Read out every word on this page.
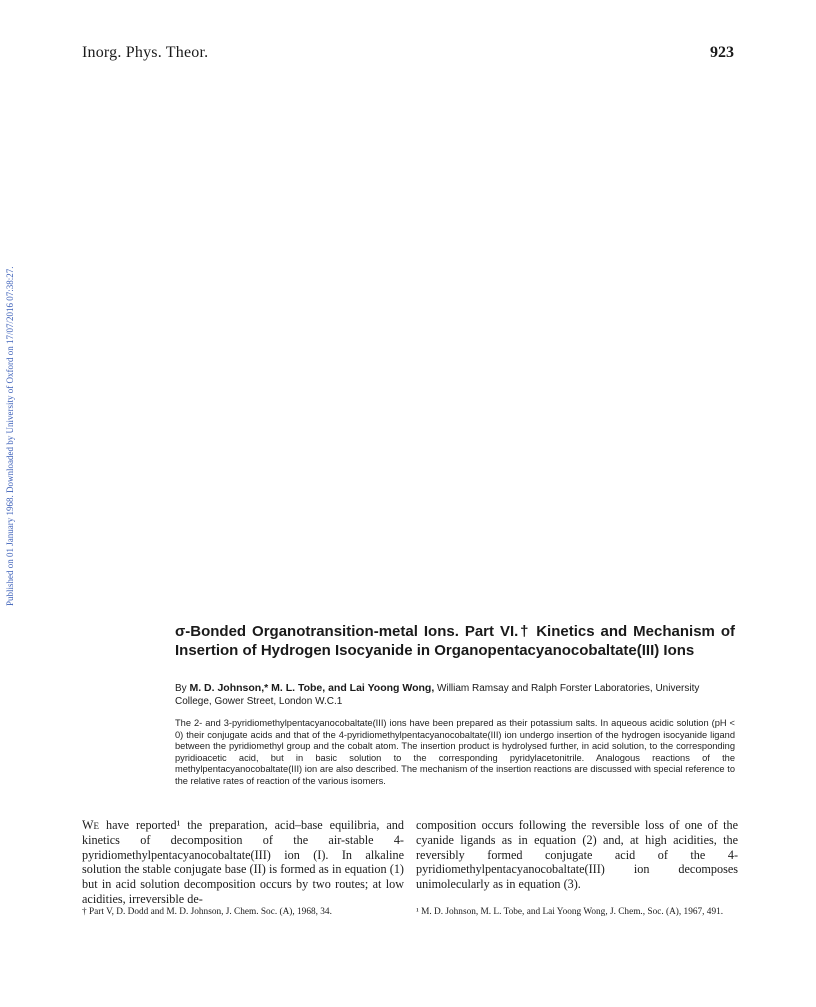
Inorg. Phys. Theor.	923
Published on 01 January 1968. Downloaded by University of Oxford on 17/07/2016 07:38:27.
σ-Bonded Organotransition-metal Ions. Part VI.† Kinetics and Mechanism of Insertion of Hydrogen Isocyanide in Organopentacyanocobaltate(III) Ions
By M. D. Johnson,* M. L. Tobe, and Lai Yoong Wong, William Ramsay and Ralph Forster Laboratories, University College, Gower Street, London W.C.1
The 2- and 3-pyridiomethylpentacyanocobaltate(III) ions have been prepared as their potassium salts. In aqueous acidic solution (pH < 0) their conjugate acids and that of the 4-pyridiomethylpentacyanocobaltate(III) ion undergo insertion of the hydrogen isocyanide ligand between the pyridiomethyl group and the cobalt atom. The insertion product is hydrolysed further, in acid solution, to the corresponding pyridioacetic acid, but in basic solution to the corresponding pyridylacetonitrile. Analogous reactions of the methylpentacyanocobaltate(III) ion are also described. The mechanism of the insertion reactions are discussed with special reference to the relative rates of reaction of the various isomers.
We have reported¹ the preparation, acid–base equilibria, and kinetics of decomposition of the air-stable 4-pyridiomethylpentacyanocobaltate(III) ion (I). In alkaline solution the stable conjugate base (II) is formed as in equation (1) but in acid solution decomposition occurs by two routes; at low acidities, irreversible de-
composition occurs following the reversible loss of one of the cyanide ligands as in equation (2) and, at high acidities, the reversibly formed conjugate acid of the 4-pyridiomethylpentacyanocobaltate(III) ion decomposes unimolecularly as in equation (3).
† Part V, D. Dodd and M. D. Johnson, J. Chem. Soc. (A), 1968, 34.	¹ M. D. Johnson, M. L. Tobe, and Lai Yoong Wong, J. Chem., Soc. (A), 1967, 491.
